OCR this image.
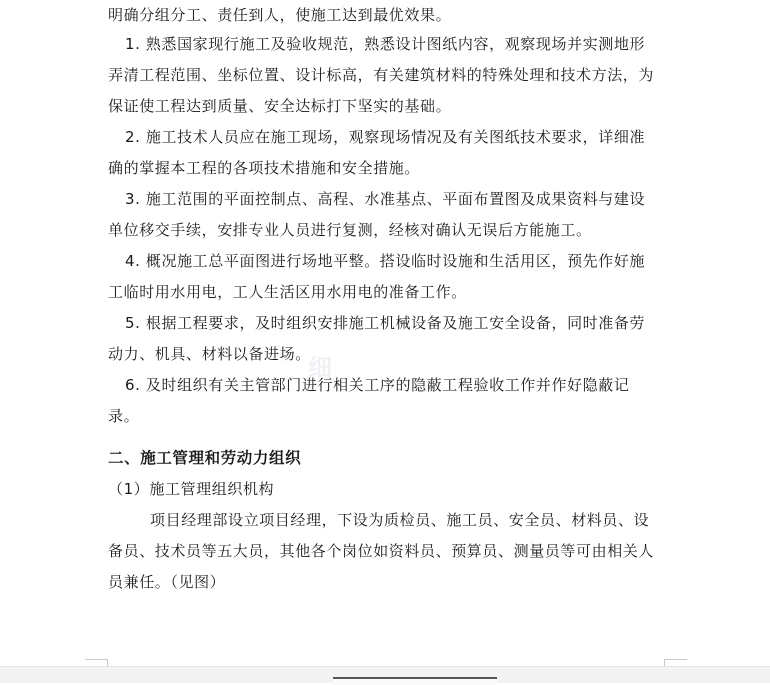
细
明确分组分工、责任到人，使施工达到最优效果。
1. 熟悉国家现行施工及验收规范，熟悉设计图纸内容，观察现场并实测地形
弄清工程范围、坐标位置、设计标高，有关建筑材料的特殊处理和技术方法，为
保证使工程达到质量、安全达标打下坚实的基础。
2. 施工技术人员应在施工现场，观察现场情况及有关图纸技术要求，详细准
确的掌握本工程的各项技术措施和安全措施。
3. 施工范围的平面控制点、高程、水准基点、平面布置图及成果资料与建设
单位移交手续，安排专业人员进行复测，经核对确认无误后方能施工。
4. 概况施工总平面图进行场地平整。搭设临时设施和生活用区，预先作好施
工临时用水用电，工人生活区用水用电的准备工作。
5. 根据工程要求，及时组织安排施工机械设备及施工安全设备，同时准备劳
动力、机具、材料以备进场。
6. 及时组织有关主管部门进行相关工序的隐蔽工程验收工作并作好隐蔽记
录。
二、施工管理和劳动力组织
（1）施工管理组织机构
项目经理部设立项目经理，下设为质检员、施工员、安全员、材料员、设
备员、技术员等五大员，其他各个岗位如资料员、预算员、测量员等可由相关人
员兼任。（见图）
